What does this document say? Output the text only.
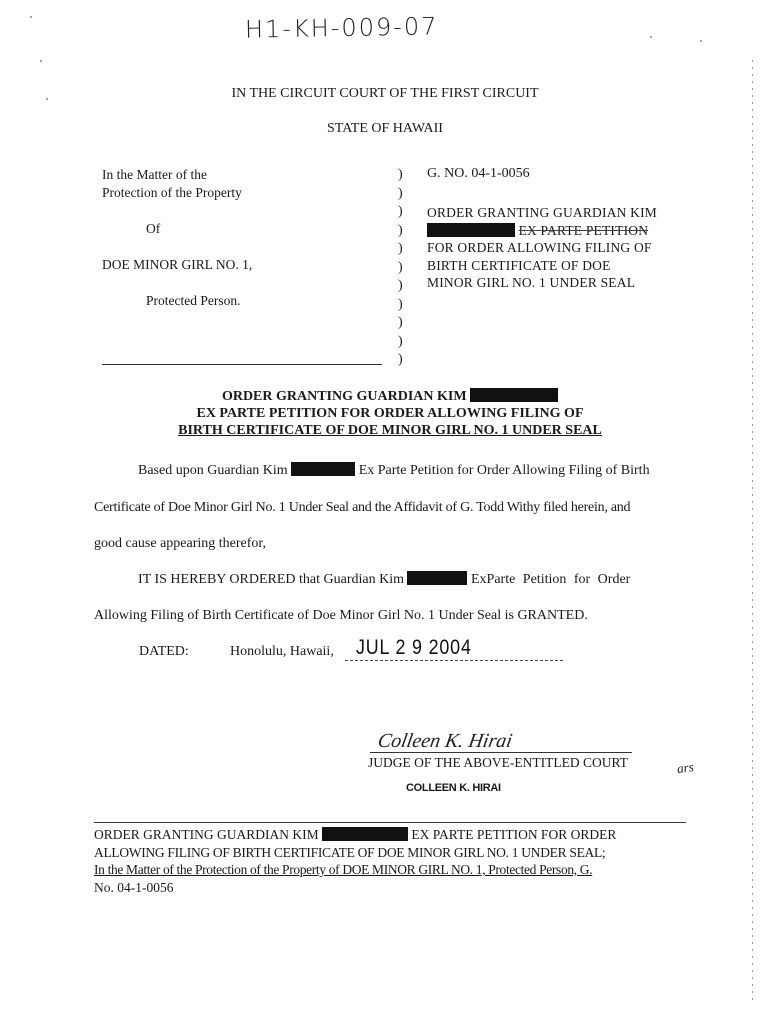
H1-KH-009-07
IN THE CIRCUIT COURT OF THE FIRST CIRCUIT
STATE OF HAWAII
In the Matter of the
Protection of the Property
Of
DOE MINOR GIRL NO. 1,
Protected Person.
)
)
)
)
)
)
)
)
)
)
)
G. NO. 04-1-0056
ORDER GRANTING GUARDIAN KIM
EX PARTE PETITION
FOR ORDER ALLOWING FILING OF
BIRTH CERTIFICATE OF DOE
MINOR GIRL NO. 1 UNDER SEAL
ORDER GRANTING GUARDIAN KIM
EX PARTE PETITION FOR ORDER ALLOWING FILING OF
BIRTH CERTIFICATE OF DOE MINOR GIRL NO. 1 UNDER SEAL
Based upon Guardian Kim	Ex Parte Petition for Order Allowing Filing of Birth
Certificate of Doe Minor Girl No. 1 Under Seal and the Affidavit of G. Todd Withy filed herein, and
good cause appearing therefor,
IT IS HEREBY ORDERED that Guardian Kim	ExParte Petition for Order
Allowing Filing of Birth Certificate of Doe Minor Girl No. 1 Under Seal is GRANTED.
DATED:	Honolulu, Hawaii, JUL 2 9 2004
Colleen K. Hirai
JUDGE OF THE ABOVE-ENTITLED COURT	ars
COLLEEN K. HIRAI
ORDER GRANTING GUARDIAN KIM	EX PARTE PETITION FOR ORDER
ALLOWING FILING OF BIRTH CERTIFICATE OF DOE MINOR GIRL NO. 1 UNDER SEAL;
In the Matter of the Protection of the Property of DOE MINOR GIRL NO. 1, Protected Person, G.
No. 04-1-0056
